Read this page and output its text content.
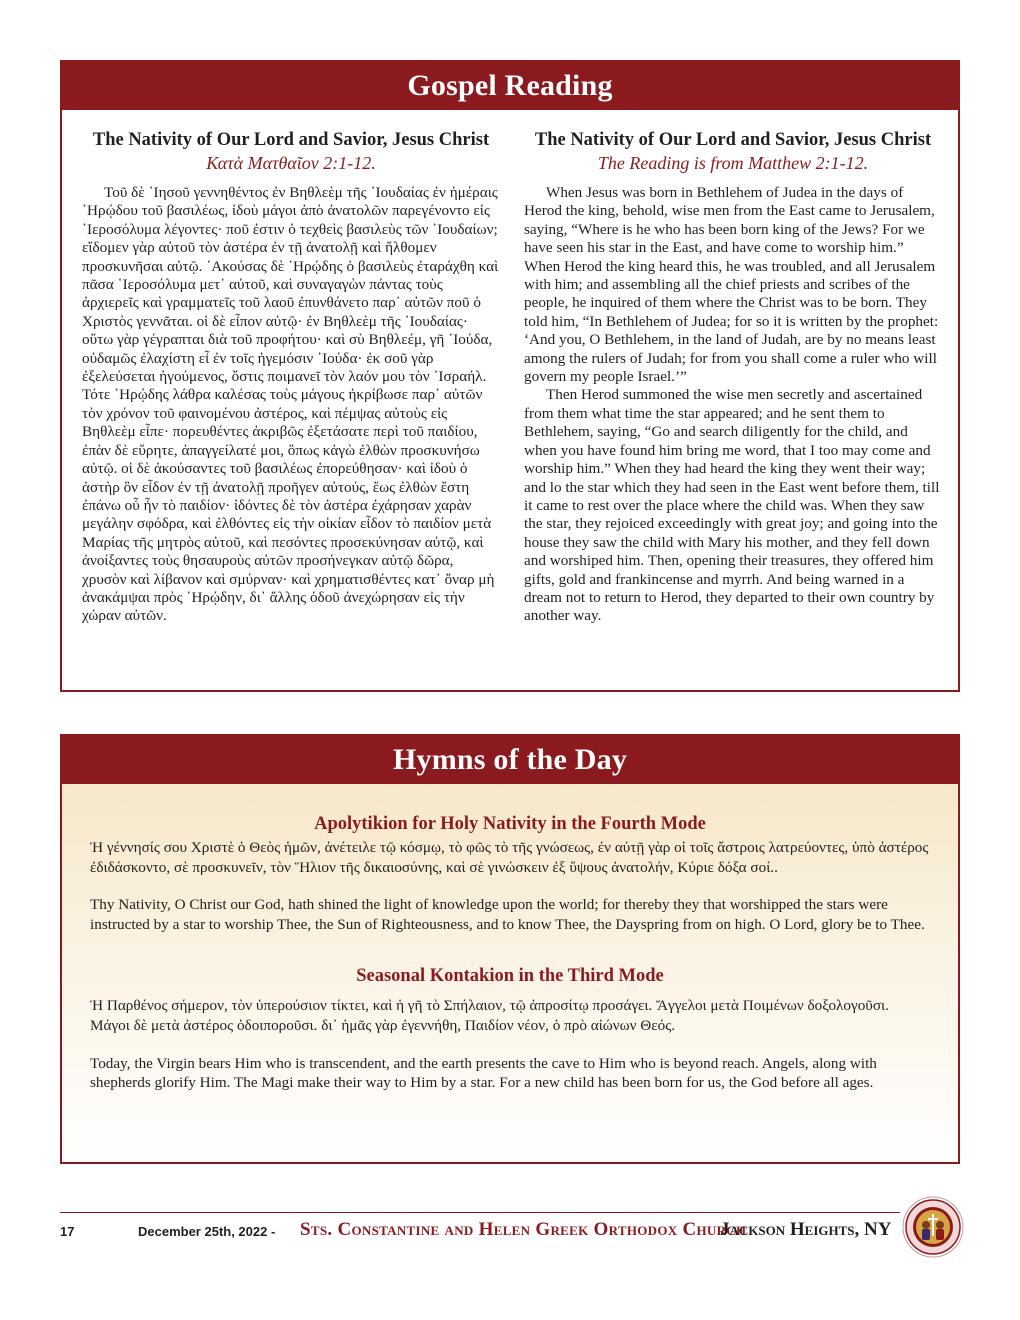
Gospel Reading
The Nativity of Our Lord and Savior, Jesus Christ
Κατὰ Ματθαῖον 2:1-12.

Τοῦ δὲ ᾿Ιησοῦ γεννηθέντος ἐν Βηθλεὲμ τῆς ᾿Ιουδαίας ἐν ἡμέραις ῾Ηρῴδου τοῦ βασιλέως, ἰδοὺ μάγοι ἀπὸ ἀνατολῶν παρεγένοντο εἰς ῾Ιεροσόλυμα λέγοντες· ποῦ ἐστιν ὁ τεχθεὶς βασιλεὺς τῶν ᾿Ιουδαίων; εἴδομεν γὰρ αὐτοῦ τὸν ἀστέρα ἐν τῇ ἀνατολῇ καὶ ἤλθομεν προσκυνῆσαι αὐτῷ. ᾿Ακούσας δὲ ῾Ηρῴδης ὁ βασιλεὺς ἐταράχθη καὶ πᾶσα ῾Ιεροσόλυμα μετ᾿ αὐτοῦ, καὶ συναγαγὼν πάντας τοὺς ἀρχιερεῖς καὶ γραμματεῖς τοῦ λαοῦ ἐπυνθάνετο παρ᾿ αὐτῶν ποῦ ὁ Χριστὸς γεννᾶται. οἱ δὲ εἶπον αὐτῷ· ἐν Βηθλεὲμ τῆς ᾿Ιουδαίας· οὕτω γὰρ γέγραπται διὰ τοῦ προφήτου· καὶ σὺ Βηθλεέμ, γῆ ᾿Ιούδα, οὐδαμῶς ἐλαχίστη εἶ ἐν τοῖς ἡγεμόσιν ᾿Ιούδα· ἐκ σοῦ γὰρ ἐξελεύσεται ἡγούμενος, ὅστις ποιμανεῖ τὸν λαόν μου τὸν ᾿Ισραήλ. Τότε ῾Ηρῴδης λάθρα καλέσας τοὺς μάγους ἠκρίβωσε παρ᾿ αὐτῶν τὸν χρόνον τοῦ φαινομένου ἀστέρος, καὶ πέμψας αὐτοὺς εἰς Βηθλεὲμ εἶπε· πορευθέντες ἀκριβῶς ἐξετάσατε περὶ τοῦ παιδίου, ἐπὰν δὲ εὕρητε, ἀπαγγείλατέ μοι, ὅπως κἀγὼ ἐλθὼν προσκυνήσω αὐτῷ. οἱ δὲ ἀκούσαντες τοῦ βασιλέως ἐπορεύθησαν· καὶ ἰδοὺ ὁ ἀστὴρ ὃν εἶδον ἐν τῇ ἀνατολῇ προῆγεν αὐτούς, ἕως ἐλθὼν ἔστη ἐπάνω οὗ ἦν τὸ παιδίον· ἰδόντες δὲ τὸν ἀστέρα ἐχάρησαν χαρὰν μεγάλην σφόδρα, καὶ ἐλθόντες εἰς τὴν οἰκίαν εἶδον τὸ παιδίον μετὰ Μαρίας τῆς μητρὸς αὐτοῦ, καὶ πεσόντες προσεκύνησαν αὐτῷ, καὶ ἀνοίξαντες τοὺς θησαυροὺς αὐτῶν προσήνεγκαν αὐτῷ δῶρα, χρυσὸν καὶ λίβανον καὶ σμύρναν· καὶ χρηματισθέντες κατ᾿ ὄναρ μὴ ἀνακάμψαι πρὸς ῾Ηρῴδην, δι᾿ ἄλλης ὁδοῦ ἀνεχώρησαν εἰς τὴν χώραν αὐτῶν.

The Nativity of Our Lord and Savior, Jesus Christ
The Reading is from Matthew 2:1-12.

When Jesus was born in Bethlehem of Judea in the days of Herod the king, behold, wise men from the East came to Jerusalem, saying, “Where is he who has been born king of the Jews? For we have seen his star in the East, and have come to worship him.” When Herod the king heard this, he was troubled, and all Jerusalem with him; and assembling all the chief priests and scribes of the people, he inquired of them where the Christ was to be born. They told him, “In Bethlehem of Judea; for so it is written by the prophet: ‘And you, O Bethlehem, in the land of Judah, are by no means least among the rulers of Judah; for from you shall come a ruler who will govern my people Israel.’”

Then Herod summoned the wise men secretly and ascertained from them what time the star appeared; and he sent them to Bethlehem, saying, “Go and search diligently for the child, and when you have found him bring me word, that I too may come and worship him.” When they had heard the king they went their way; and lo the star which they had seen in the East went before them, till it came to rest over the place where the child was. When they saw the star, they rejoiced exceedingly with great joy; and going into the house they saw the child with Mary his mother, and they fell down and worshiped him. Then, opening their treasures, they offered him gifts, gold and frankincense and myrrh. And being warned in a dream not to return to Herod, they departed to their own country by another way.

Hymns of the Day
Apolytikion for Holy Nativity in the Fourth Mode
Ἡ γέννησίς σου Χριστὲ ὁ Θεὸς ἡμῶν, ἀνέτειλε τῷ κόσμῳ, τὸ φῶς τὸ τῆς γνώσεως, ἐν αὐτῇ γὰρ οἱ τοῖς ἄστροις λατρεύοντες, ὑπὸ ἀστέρος ἐδιδάσκοντο, σὲ προσκυνεῖν, τὸν Ἥλιον τῆς δικαιοσύνης, καὶ σὲ γινώσκειν ἐξ ὕψους ἀνατολήν, Κύριε δόξα σοί..
Thy Nativity, O Christ our God, hath shined the light of knowledge upon the world; for thereby they that worshipped the stars were instructed by a star to worship Thee, the Sun of Righteousness, and to know Thee, the Dayspring from on high. O Lord, glory be to Thee.
Seasonal Kontakion in the Third Mode
Ἡ Παρθένος σήμερον, τὸν ὑπερούσιον τίκτει, καὶ ἡ γῆ τὸ Σπήλαιον, τῷ ἀπροσίτῳ προσάγει. Ἄγγελοι μετὰ Ποιμένων δοξολογοῦσι. Μάγοι δὲ μετὰ ἀστέρος ὁδοιποροῦσι. δι᾿ ἡμᾶς γὰρ ἐγεννήθη, Παιδίον νέον, ὁ πρὸ αἰώνων Θεός.
Today, the Virgin bears Him who is transcendent, and the earth presents the cave to Him who is beyond reach. Angels, along with shepherds glorify Him. The Magi make their way to Him by a star. For a new child has been born for us, the God before all ages.
17	December 25th, 2022 - Sts. Constantine and Helen Greek Orthodox Church
Jackson Heights, NY
